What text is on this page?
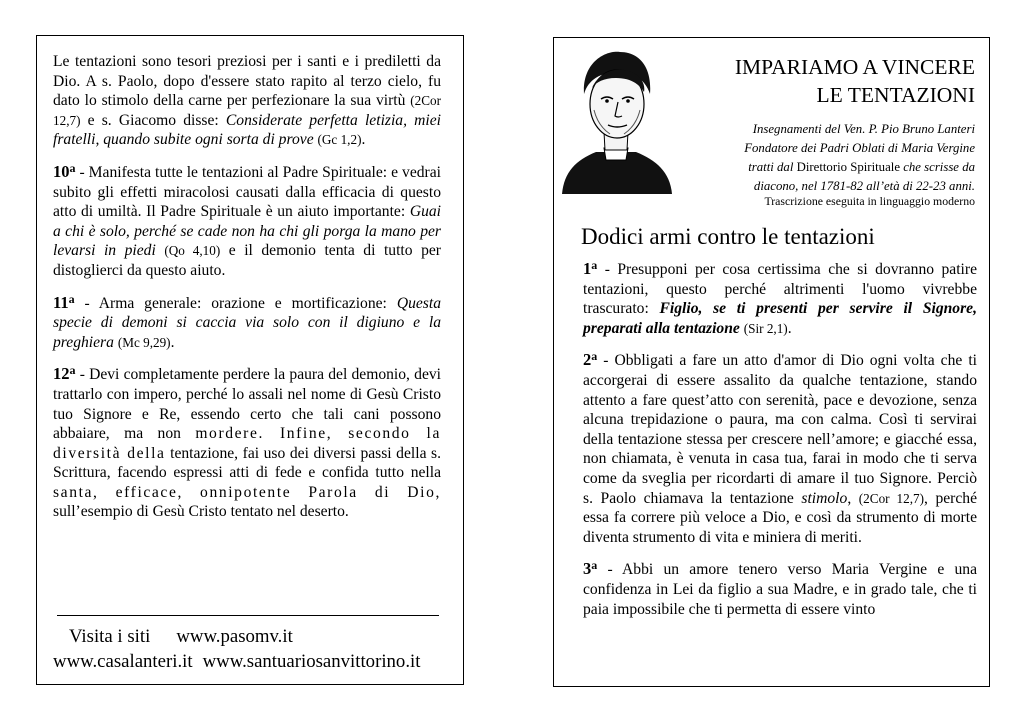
Le tentazioni sono tesori preziosi per i santi e i prediletti da Dio. A s. Paolo, dopo d'essere stato rapito al terzo cielo, fu dato lo stimolo della carne per perfezionare la sua virtù (2Cor 12,7) e s. Giacomo disse: Considerate perfetta letizia, miei fratelli, quando subite ogni sorta di prove (Gc 1,2).

10$^a$ - Manifesta tutte le tentazioni al Padre Spirituale: e vedrai subito gli effetti miracolosi causati dalla efficacia di questo atto di umiltà. Il Padre Spirituale è un aiuto importante: Guai a chi è solo, perché se cade non ha chi gli porga la mano per levarsi in piedi (Qo 4,10) e il demonio tenta di tutto per distoglierci da questo aiuto.

11$^a$ - Arma generale: orazione e mortificazione: Questa specie di demoni si caccia via solo con il digiuno e la preghiera (Mc 9,29).

12$^a$ - Devi completamente perdere la paura del demonio, devi trattarlo con impero, perché lo assali nel nome di Gesù Cristo tuo Signore e Re, essendo certo che tali cani possono abbaiare, ma non mordere. Infine, secondo la diversità della tentazione, fai uso dei diversi passi della s. Scrittura, facendo espressi atti di fede e confida tutto nella santa, efficace, onnipotente Parola di Dio, sull’esempio di Gesù Cristo tentato nel deserto.

Visita i siti www.pasomv.it
www.casalanteri.it www.santuariosanvittorino.it
IMPARIAMO A VINCERE
LE TENTAZIONI
Insegnamenti del Ven. P. Pio Bruno Lanteri
Fondatore dei Padri Oblati di Maria Vergine
tratti dal Direttorio Spirituale che scrisse da
diacono, nel 1781-82 all’età di 22-23 anni.
Trascrizione eseguita in linguaggio moderno
Dodici armi contro le tentazioni

1$^a$ - Presupponi per cosa certissima che si dovranno patire tentazioni, questo perché altrimenti l'uomo vivrebbe trascurato: Figlio, se ti presenti per servire il Signore, preparati alla tentazione (Sir 2,1).

2$^a$ - Obbligati a fare un atto d'amor di Dio ogni volta che ti accorgerai di essere assalito da qualche tentazione, stando attento a fare quest’atto con serenità, pace e devozione, senza alcuna trepidazione o paura, ma con calma. Così ti servirai della tentazione stessa per crescere nell’amore; e giacché essa, non chiamata, è venuta in casa tua, farai in modo che ti serva come da sveglia per ricordarti di amare il tuo Signore. Perciò s. Paolo chiamava la tentazione stimolo, (2Cor 12,7), perché essa fa correre più veloce a Dio, e così da strumento di morte diventa strumento di vita e miniera di meriti.

3$^a$ - Abbi un amore tenero verso Maria Vergine e una confidenza in Lei da figlio a sua Madre, e in grado tale, che ti paia impossibile che ti permetta di essere vinto
